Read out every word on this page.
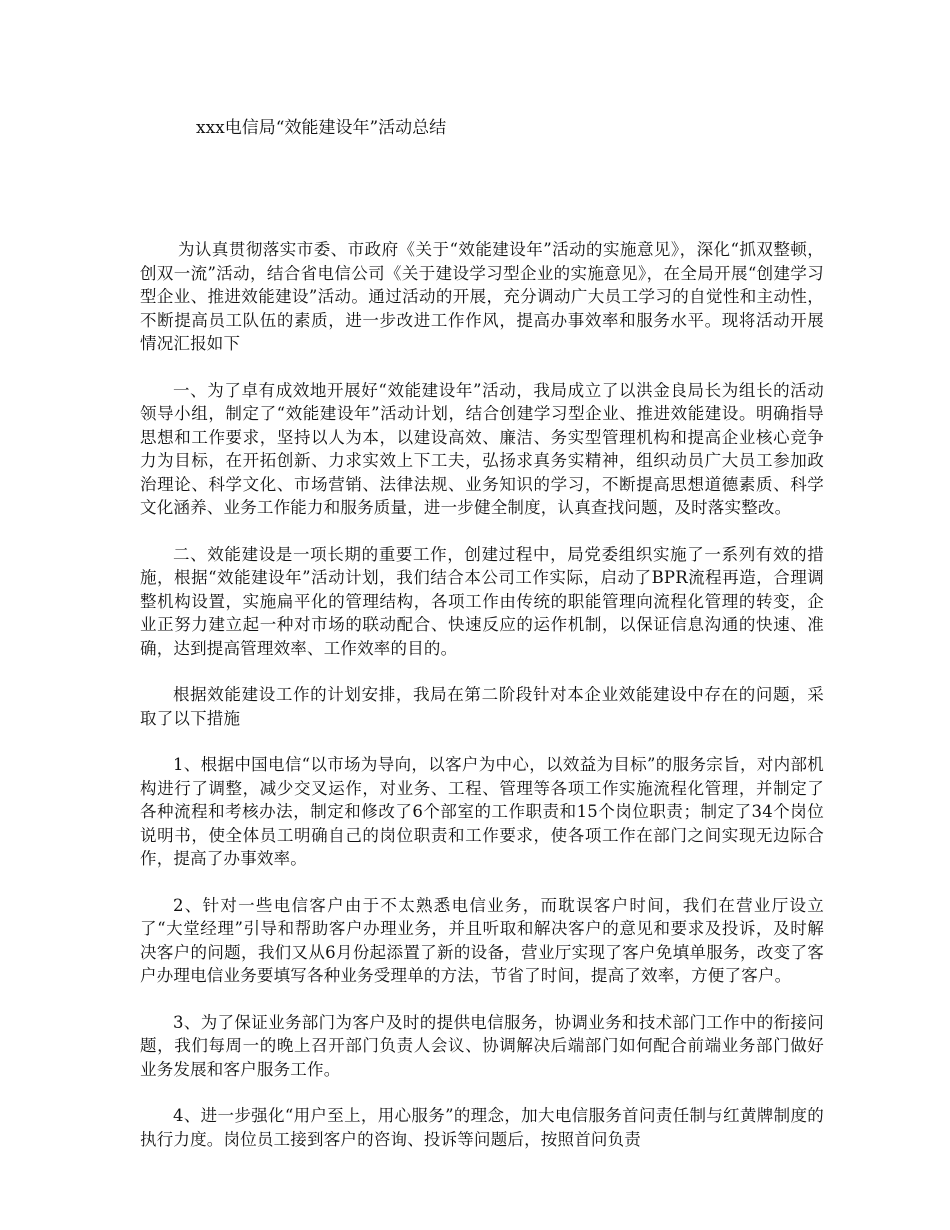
xxx电信局“效能建设年”活动总结

为认真贯彻落实市委、市政府《关于“效能建设年”活动的实施意见》，深化“抓双整顿，创双一流”活动，结合省电信公司《关于建设学习型企业的实施意见》，在全局开展“创建学习型企业、推进效能建设”活动。通过活动的开展，充分调动广大员工学习的自觉性和主动性，不断提高员工队伍的素质，进一步改进工作作风，提高办事效率和服务水平。现将活动开展情况汇报如下

一、为了卓有成效地开展好“效能建设年”活动，我局成立了以洪金良局长为组长的活动领导小组，制定了“效能建设年”活动计划，结合创建学习型企业、推进效能建设。明确指导思想和工作要求，坚持以人为本，以建设高效、廉洁、务实型管理机构和提高企业核心竞争力为目标，在开拓创新、力求实效上下工夫，弘扬求真务实精神，组织动员广大员工参加政治理论、科学文化、市场营销、法律法规、业务知识的学习，不断提高思想道德素质、科学文化涵养、业务工作能力和服务质量，进一步健全制度，认真查找问题，及时落实整改。

二、效能建设是一项长期的重要工作，创建过程中，局党委组织实施了一系列有效的措施，根据“效能建设年”活动计划，我们结合本公司工作实际，启动了BPR流程再造，合理调整机构设置，实施扁平化的管理结构，各项工作由传统的职能管理向流程化管理的转变，企业正努力建立起一种对市场的联动配合、快速反应的运作机制，以保证信息沟通的快速、准确，达到提高管理效率、工作效率的目的。

根据效能建设工作的计划安排，我局在第二阶段针对本企业效能建设中存在的问题，采取了以下措施

1、根据中国电信“以市场为导向，以客户为中心，以效益为目标”的服务宗旨，对内部机构进行了调整，减少交叉运作，对业务、工程、管理等各项工作实施流程化管理，并制定了各种流程和考核办法，制定和修改了6个部室的工作职责和15个岗位职责；制定了34个岗位说明书，使全体员工明确自己的岗位职责和工作要求，使各项工作在部门之间实现无边际合作，提高了办事效率。

2、针对一些电信客户由于不太熟悉电信业务，而耽误客户时间，我们在营业厅设立了“大堂经理”引导和帮助客户办理业务，并且听取和解决客户的意见和要求及投诉，及时解决客户的问题，我们又从6月份起添置了新的设备，营业厅实现了客户免填单服务，改变了客户办理电信业务要填写各种业务受理单的方法，节省了时间，提高了效率，方便了客户。

3、为了保证业务部门为客户及时的提供电信服务，协调业务和技术部门工作中的衔接问题，我们每周一的晚上召开部门负责人会议、协调解决后端部门如何配合前端业务部门做好业务发展和客户服务工作。

4、进一步强化“用户至上，用心服务”的理念，加大电信服务首问责任制与红黄牌制度的执行力度。岗位员工接到客户的咨询、投诉等问题后，按照首问负责
